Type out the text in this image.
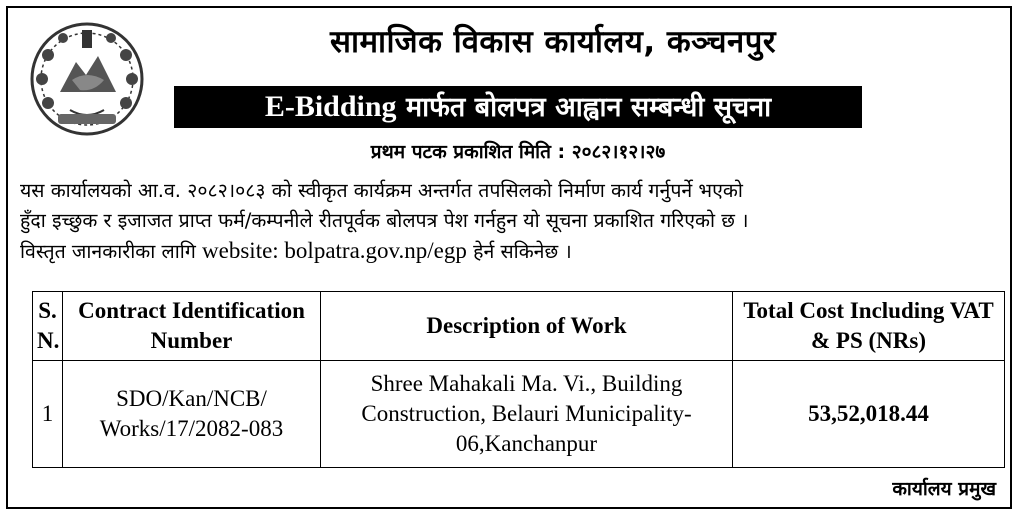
सामाजिक विकास कार्यालय, कञ्चनपुर
E-Bidding मार्फत बोलपत्र आह्वान सम्बन्धी सूचना
प्रथम पटक प्रकाशित मिति : २०८२।१२।२७
यस कार्यालयको आ.व. २०८२।०८३ को स्वीकृत कार्यक्रम अन्तर्गत तपसिलको निर्माण कार्य गर्नुपर्ने भएको
हुँदा इच्छुक र इजाजत प्राप्त फर्म/कम्पनीले रीतपूर्वक बोलपत्र पेश गर्नहुन यो सूचना प्रकाशित गरिएको छ ।
विस्तृत जानकारीका लागि website: bolpatra.gov.np/egp हेर्न सकिनेछ ।
S. N.	Contract Identification Number	Description of Work	Total Cost Including VAT & PS (NRs)
1	SDO/Kan/NCB/ Works/17/2082-083	Shree Mahakali Ma. Vi., Building Construction, Belauri Municipality-06,Kanchanpur	53,52,018.44
कार्यालय प्रमुख
